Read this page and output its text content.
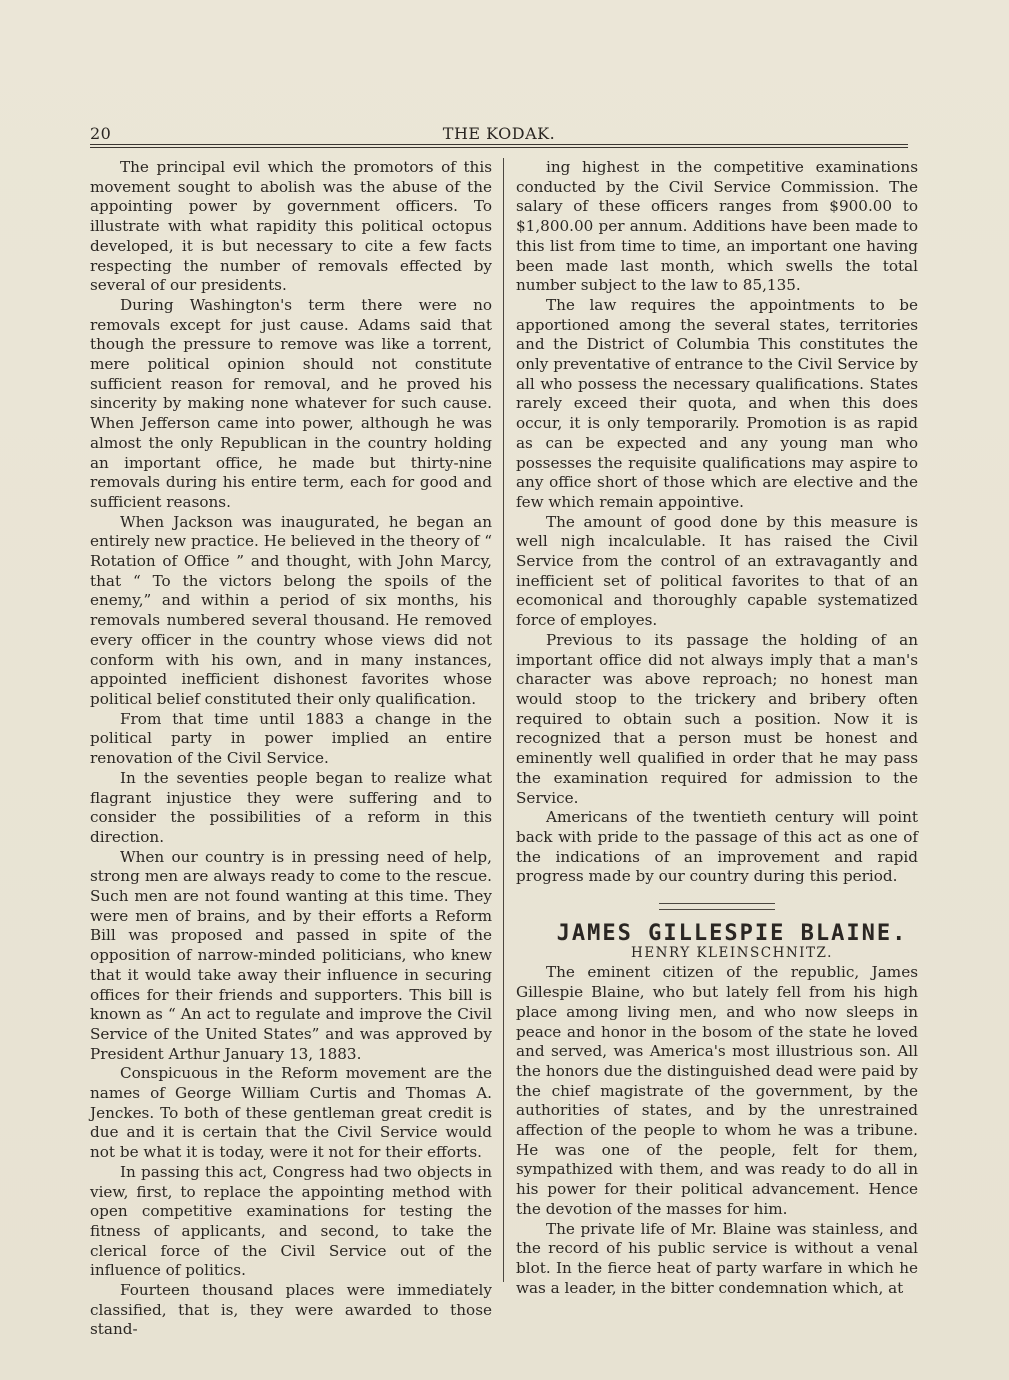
20	THE KODAK.

The principal evil which the promotors of this movement sought to abolish was the abuse of the appointing power by government officers. To illustrate with what rapidity this political octopus developed, it is but necessary to cite a few facts respecting the number of removals effected by several of our presidents.

During Washington's term there were no removals except for just cause. Adams said that though the pressure to remove was like a torrent, mere political opinion should not constitute sufficient reason for removal, and he proved his sincerity by making none whatever for such cause. When Jefferson came into power, although he was almost the only Republican in the country holding an important office, he made but thirty-nine removals during his entire term, each for good and sufficient reasons.

When Jackson was inaugurated, he began an entirely new practice. He believed in the theory of “ Rotation of Office ” and thought, with John Marcy, that “ To the victors belong the spoils of the enemy,” and within a period of six months, his removals numbered several thousand. He removed every officer in the country whose views did not conform with his own, and in many instances, appointed inefficient dishonest favorites whose political belief constituted their only qualification.

From that time until 1883 a change in the political party in power implied an entire renovation of the Civil Service.

In the seventies people began to realize what flagrant injustice they were suffering and to consider the possibilities of a reform in this direction.

When our country is in pressing need of help, strong men are always ready to come to the rescue. Such men are not found wanting at this time. They were men of brains, and by their efforts a Reform Bill was proposed and passed in spite of the opposition of narrow-minded politicians, who knew that it would take away their influence in securing offices for their friends and supporters. This bill is known as “ An act to regulate and improve the Civil Service of the United States” and was approved by President Arthur January 13, 1883.

Conspicuous in the Reform movement are the names of George William Curtis and Thomas A. Jenckes. To both of these gentleman great credit is due and it is certain that the Civil Service would not be what it is today, were it not for their efforts.

In passing this act, Congress had two objects in view, first, to replace the appointing method with open competitive examinations for testing the fitness of applicants, and second, to take the clerical force of the Civil Service out of the influence of politics.

Fourteen thousand places were immediately classified, that is, they were awarded to those stand-

ing highest in the competitive examinations conducted by the Civil Service Commission. The salary of these officers ranges from $900.00 to $1,800.00 per annum. Additions have been made to this list from time to time, an important one having been made last month, which swells the total number subject to the law to 85,135.

The law requires the appointments to be apportioned among the several states, territories and the District of Columbia This constitutes the only preventative of entrance to the Civil Service by all who possess the necessary qualifications. States rarely exceed their quota, and when this does occur, it is only temporarily. Promotion is as rapid as can be expected and any young man who possesses the requisite qualifications may aspire to any office short of those which are elective and the few which remain appointive.

The amount of good done by this measure is well nigh incalculable. It has raised the Civil Service from the control of an extravagantly and inefficient set of political favorites to that of an ecomonical and thoroughly capable systematized force of employes.

Previous to its passage the holding of an important office did not always imply that a man's character was above reproach; no honest man would stoop to the trickery and bribery often required to obtain such a position. Now it is recognized that a person must be honest and eminently well qualified in order that he may pass the examination required for admission to the Service.

Americans of the twentieth century will point back with pride to the passage of this act as one of the indications of an improvement and rapid progress made by our country during this period.

JAMES GILLESPIE BLAINE.

HENRY KLEINSCHNITZ.

The eminent citizen of the republic, James Gillespie Blaine, who but lately fell from his high place among living men, and who now sleeps in peace and honor in the bosom of the state he loved and served, was America's most illustrious son. All the honors due the distinguished dead were paid by the chief magistrate of the government, by the authorities of states, and by the unrestrained affection of the people to whom he was a tribune. He was one of the people, felt for them, sympathized with them, and was ready to do all in his power for their political advancement. Hence the devotion of the masses for him.

The private life of Mr. Blaine was stainless, and the record of his public service is without a venal blot. In the fierce heat of party warfare in which he was a leader, in the bitter condemnation which, at
